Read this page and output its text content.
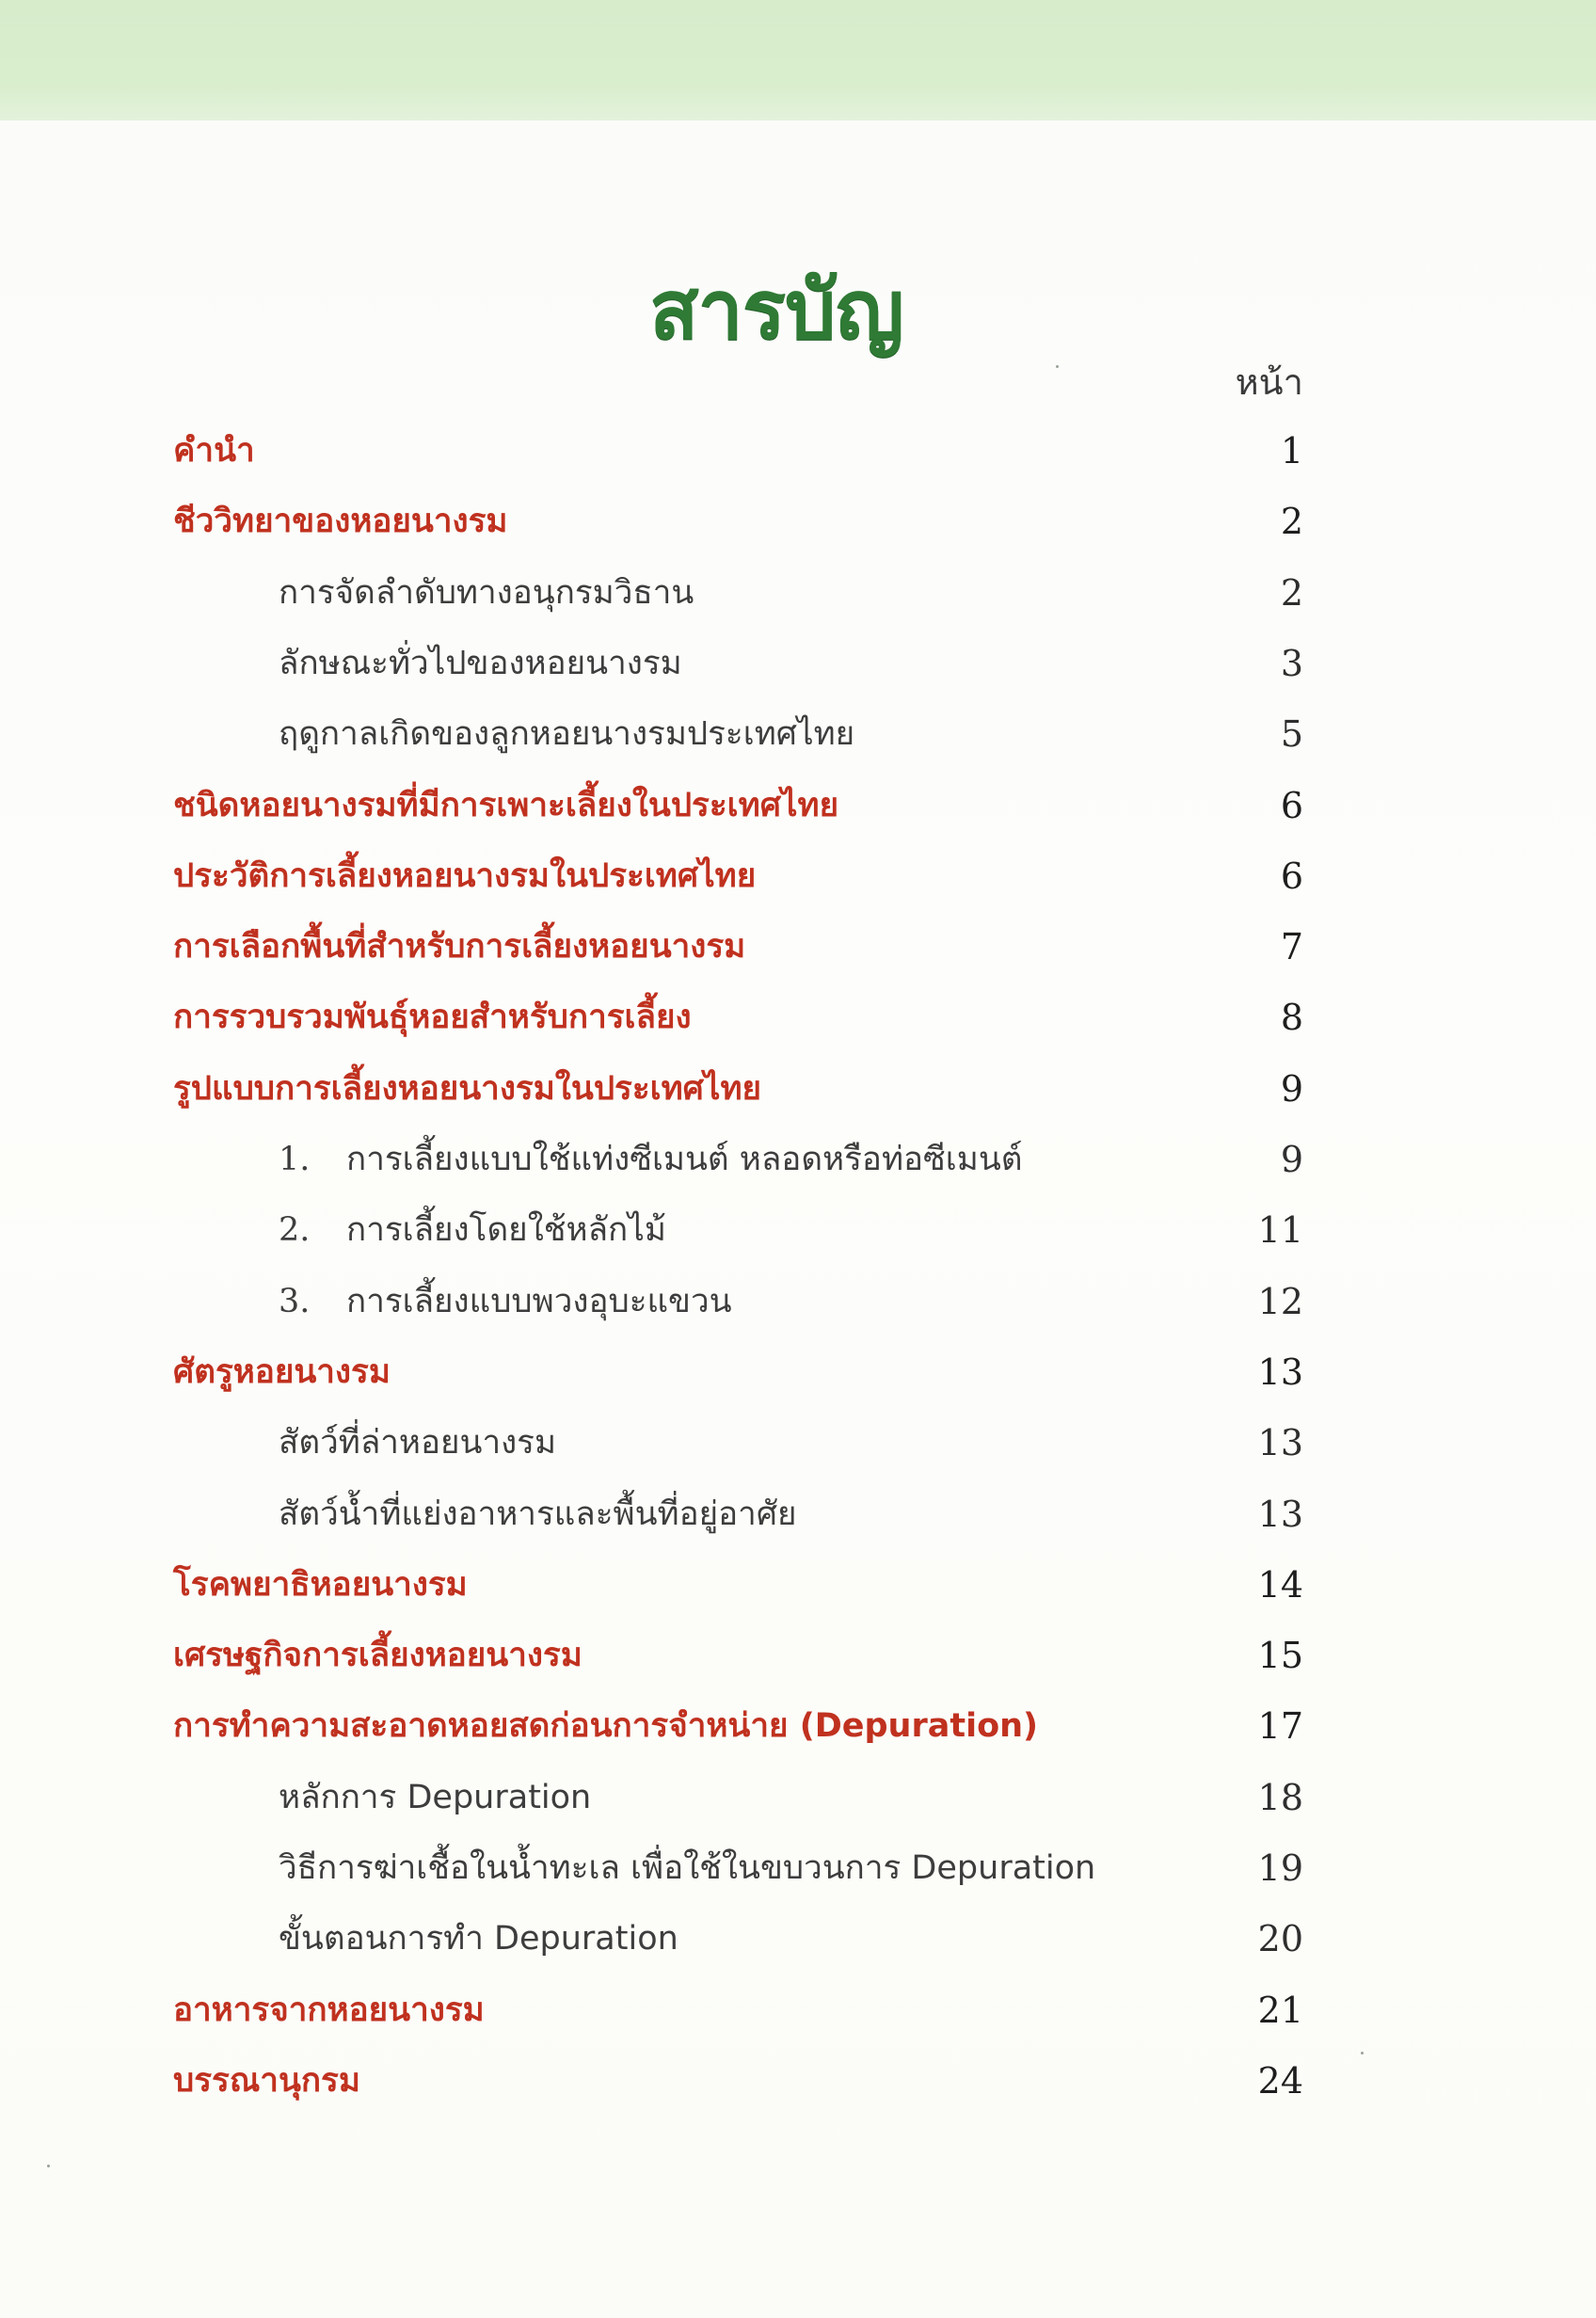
สารบัญ
หน้า
คำนำ	1
ชีววิทยาของหอยนางรม	2
การจัดลำดับทางอนุกรมวิธาน	2
ลักษณะทั่วไปของหอยนางรม	3
ฤดูกาลเกิดของลูกหอยนางรมประเทศไทย	5
ชนิดหอยนางรมที่มีการเพาะเลี้ยงในประเทศไทย	6
ประวัติการเลี้ยงหอยนางรมในประเทศไทย	6
การเลือกพื้นที่สำหรับการเลี้ยงหอยนางรม	7
การรวบรวมพันธุ์หอยสำหรับการเลี้ยง	8
รูปแบบการเลี้ยงหอยนางรมในประเทศไทย	9
1. การเลี้ยงแบบใช้แท่งซีเมนต์ หลอดหรือท่อซีเมนต์	9
2. การเลี้ยงโดยใช้หลักไม้	11
3. การเลี้ยงแบบพวงอุบะแขวน	12
ศัตรูหอยนางรม	13
สัตว์ที่ล่าหอยนางรม	13
สัตว์น้ำที่แย่งอาหารและพื้นที่อยู่อาศัย	13
โรคพยาธิหอยนางรม	14
เศรษฐกิจการเลี้ยงหอยนางรม	15
การทำความสะอาดหอยสดก่อนการจำหน่าย (Depuration)	17
หลักการ Depuration	18
วิธีการฆ่าเชื้อในน้ำทะเล เพื่อใช้ในขบวนการ Depuration	19
ขั้นตอนการทำ Depuration	20
อาหารจากหอยนางรม	21
บรรณานุกรม	24
